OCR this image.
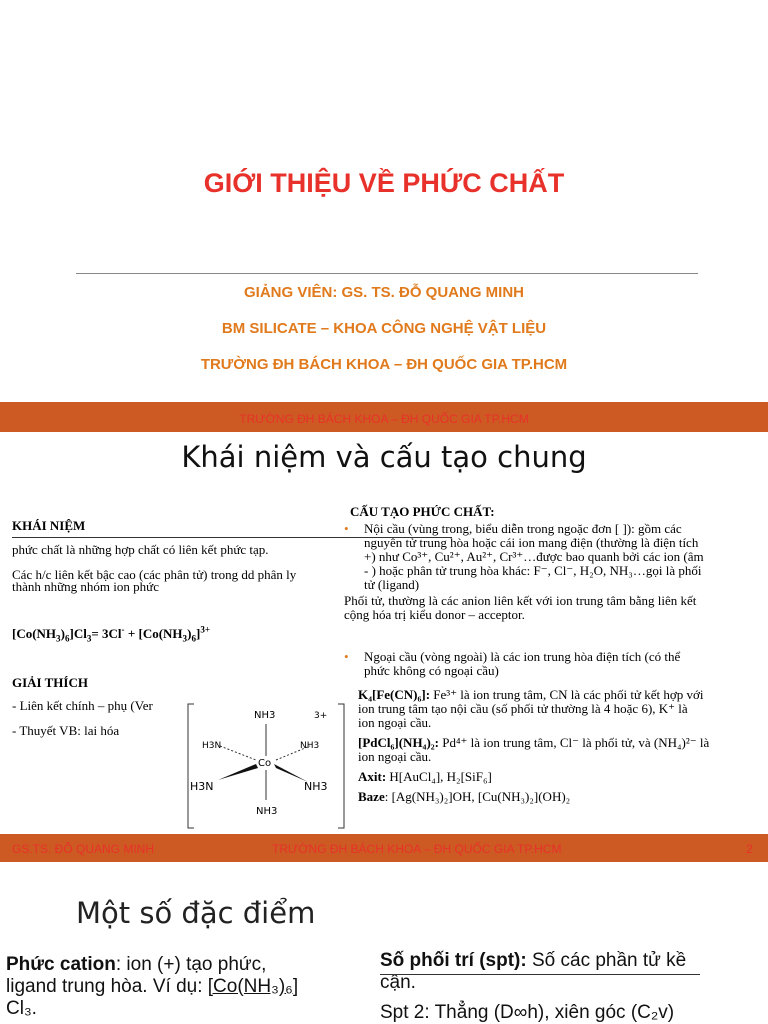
GIỚI THIỆU VỀ PHỨC CHẤT
GIẢNG VIÊN: GS. TS. ĐỖ QUANG MINH
BM SILICATE – KHOA CÔNG NGHỆ VẬT LIỆU
TRƯỜNG ĐH BÁCH KHOA – ĐH QUỐC GIA TP.HCM
TRƯỜNG ĐH BÁCH KHOA – ĐH QUỐC GIA TP.HCM
Khái niệm và cấu tạo chung
KHÁI NIỆM
phức chất là những hợp chất có liên kết phức tạp.
Các h/c liên kết bậc cao (các phân tử) trong dd phân ly
thành những nhóm ion phức
$[Co(NH_3)_6]Cl_3= 3Cl^- + [Co(NH_3)_6]^{3+}$
GIẢI THÍCH
- Liên kết chính – phụ (Ver
- Thuyết VB: lai hóa
NH3	3+
H3N	NH3
Co
H3N	NH3
NH3
CẤU TẠO PHỨC CHẤT:
• Nội cầu (vùng trong, biểu diễn trong ngoặc đơn [ ]): gồm các
nguyên tử trung hòa hoặc cái ion mang điện (thường là điện tích
+) như Co³⁺, Cu²⁺, Au²⁺, Cr³⁺…được bao quanh bởi các ion (âm
- ) hoặc phân tử trung hòa khác: F⁻, Cl⁻, H₂O, NH₃…gọi là phối
tử (ligand)
Phối tử, thường là các anion liên kết với ion trung tâm bằng liên kết
cộng hóa trị kiểu donor – acceptor.
• Ngoại cầu (vòng ngoài) là các ion trung hòa điện tích (có thể
phức không có ngoại cầu)
K₄[Fe(CN)₆]: Fe³⁺ là ion trung tâm, CN là các phối tử kết hợp với
ion trung tâm tạo nội cầu (số phối tử thường là 4 hoặc 6), K⁺ là
ion ngoại cầu.
[PdCl₆](NH₄)₂: Pd⁴⁺ là ion trung tâm, Cl⁻ là phối tử, và (NH₄)²⁻ là
ion ngoại cầu.
Axit: H[AuCl₄], H₂[SiF₆]
Baze: [Ag(NH₃)₂]OH, [Cu(NH₃)₂](OH)₂
GS.TS. ĐỖ QUANG MINH	TRƯỜNG ĐH BÁCH KHOA – ĐH QUỐC GIA TP.HCM	2
Một số đặc điểm
Phức cation: ion (+) tạo phức,
ligand trung hòa. Ví dụ: [Co(NH₃)₆]
Cl₃.
Số phối trí (spt): Số các phần tử kề
cận.
Spt 2: Thẳng (D∞h), xiên góc (C₂v)
